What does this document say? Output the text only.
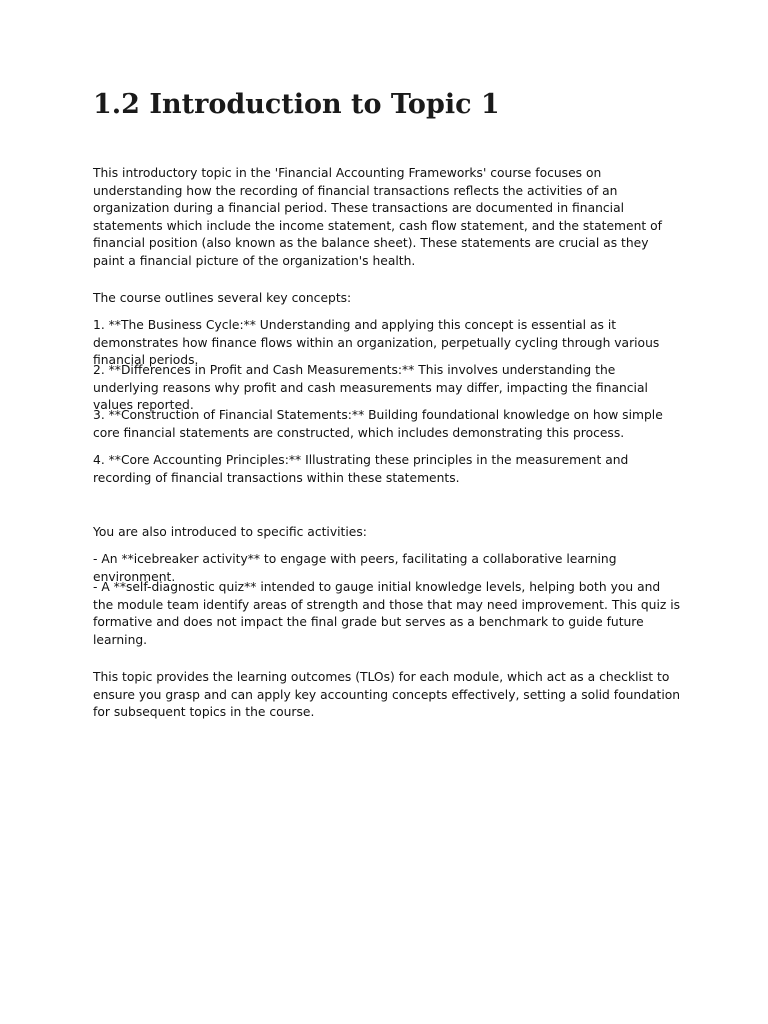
1.2 Introduction to Topic 1

This introductory topic in the 'Financial Accounting Frameworks' course focuses on understanding how the recording of financial transactions reflects the activities of an organization during a financial period. These transactions are documented in financial statements which include the income statement, cash flow statement, and the statement of financial position (also known as the balance sheet). These statements are crucial as they paint a financial picture of the organization's health.

The course outlines several key concepts:

1. **The Business Cycle:** Understanding and applying this concept is essential as it demonstrates how finance flows within an organization, perpetually cycling through various financial periods.

2. **Differences in Profit and Cash Measurements:** This involves understanding the underlying reasons why profit and cash measurements may differ, impacting the financial values reported.

3. **Construction of Financial Statements:** Building foundational knowledge on how simple core financial statements are constructed, which includes demonstrating this process.

4. **Core Accounting Principles:** Illustrating these principles in the measurement and recording of financial transactions within these statements.

You are also introduced to specific activities:

- An **icebreaker activity** to engage with peers, facilitating a collaborative learning environment.

- A **self-diagnostic quiz** intended to gauge initial knowledge levels, helping both you and the module team identify areas of strength and those that may need improvement. This quiz is formative and does not impact the final grade but serves as a benchmark to guide future learning.

This topic provides the learning outcomes (TLOs) for each module, which act as a checklist to ensure you grasp and can apply key accounting concepts effectively, setting a solid foundation for subsequent topics in the course.
